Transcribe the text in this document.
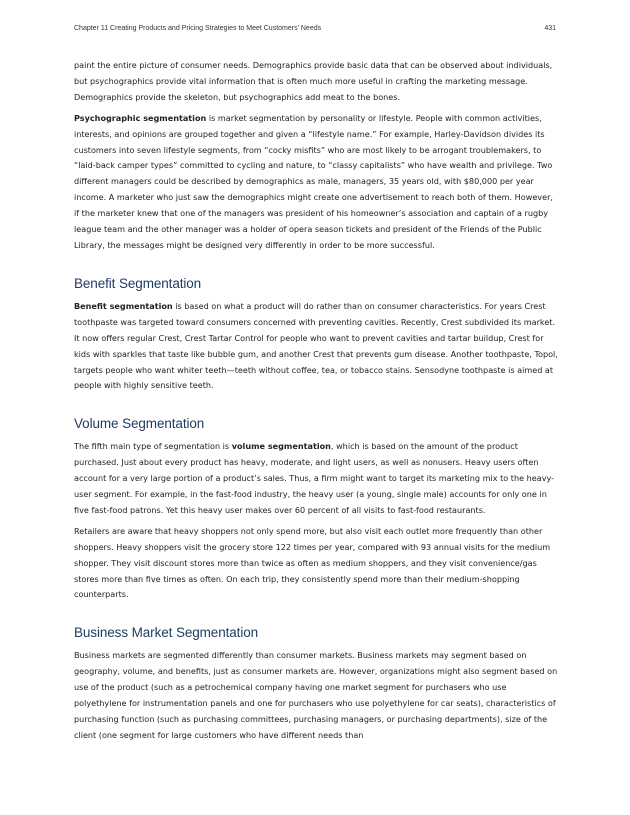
Chapter 11 Creating Products and Pricing Strategies to Meet Customers' Needs	431

paint the entire picture of consumer needs. Demographics provide basic data that can be observed about individuals, but psychographics provide vital information that is often much more useful in crafting the marketing message. Demographics provide the skeleton, but psychographics add meat to the bones.

Psychographic segmentation is market segmentation by personality or lifestyle. People with common activities, interests, and opinions are grouped together and given a “lifestyle name.” For example, Harley-Davidson divides its customers into seven lifestyle segments, from “cocky misfits” who are most likely to be arrogant troublemakers, to “laid-back camper types” committed to cycling and nature, to “classy capitalists” who have wealth and privilege. Two different managers could be described by demographics as male, managers, 35 years old, with $80,000 per year income. A marketer who just saw the demographics might create one advertisement to reach both of them. However, if the marketer knew that one of the managers was president of his homeowner’s association and captain of a rugby league team and the other manager was a holder of opera season tickets and president of the Friends of the Public Library, the messages might be designed very differently in order to be more successful.

Benefit Segmentation

Benefit segmentation is based on what a product will do rather than on consumer characteristics. For years Crest toothpaste was targeted toward consumers concerned with preventing cavities. Recently, Crest subdivided its market. It now offers regular Crest, Crest Tartar Control for people who want to prevent cavities and tartar buildup, Crest for kids with sparkles that taste like bubble gum, and another Crest that prevents gum disease. Another toothpaste, Topol, targets people who want whiter teeth—teeth without coffee, tea, or tobacco stains. Sensodyne toothpaste is aimed at people with highly sensitive teeth.

Volume Segmentation

The fifth main type of segmentation is volume segmentation, which is based on the amount of the product purchased. Just about every product has heavy, moderate, and light users, as well as nonusers. Heavy users often account for a very large portion of a product’s sales. Thus, a firm might want to target its marketing mix to the heavy-user segment. For example, in the fast-food industry, the heavy user (a young, single male) accounts for only one in five fast-food patrons. Yet this heavy user makes over 60 percent of all visits to fast-food restaurants.

Retailers are aware that heavy shoppers not only spend more, but also visit each outlet more frequently than other shoppers. Heavy shoppers visit the grocery store 122 times per year, compared with 93 annual visits for the medium shopper. They visit discount stores more than twice as often as medium shoppers, and they visit convenience/gas stores more than five times as often. On each trip, they consistently spend more than their medium-shopping counterparts.

Business Market Segmentation

Business markets are segmented differently than consumer markets. Business markets may segment based on geography, volume, and benefits, just as consumer markets are. However, organizations might also segment based on use of the product (such as a petrochemical company having one market segment for purchasers who use polyethylene for instrumentation panels and one for purchasers who use polyethylene for car seats), characteristics of purchasing function (such as purchasing committees, purchasing managers, or purchasing departments), size of the client (one segment for large customers who have different needs than
